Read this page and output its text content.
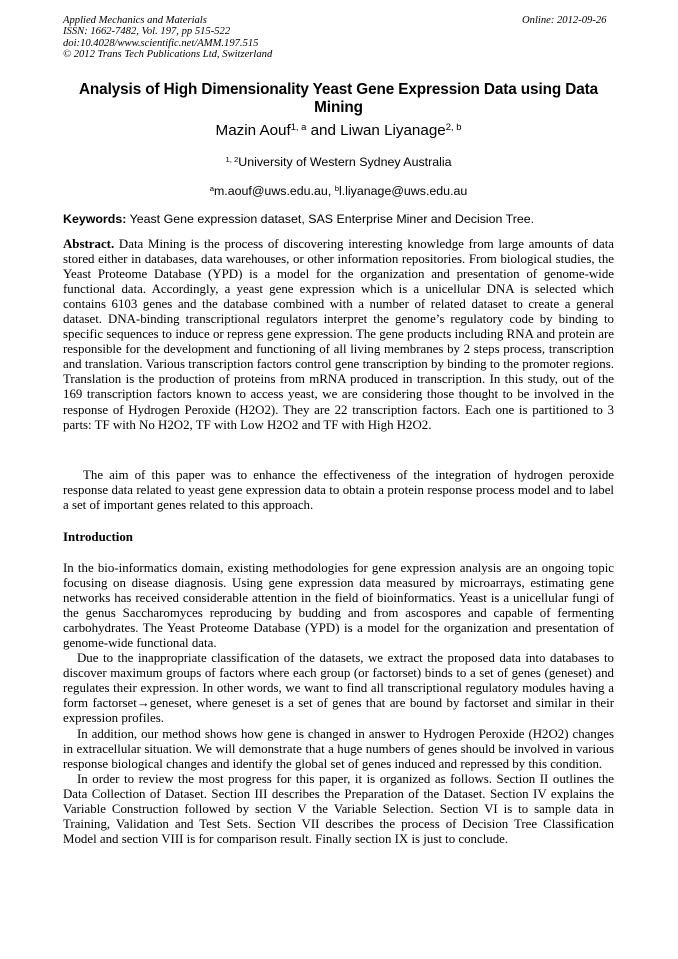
Applied Mechanics and Materials
ISSN: 1662-7482, Vol. 197, pp 515-522
doi:10.4028/www.scientific.net/AMM.197.515
© 2012 Trans Tech Publications Ltd, Switzerland
Online: 2012-09-26
Analysis of High Dimensionality Yeast Gene Expression Data using Data Mining
Mazin Aouf$^{1, a}$ and Liwan Liyanage$^{2, b}$
$^{1, 2}$University of Western Sydney Australia
$^a$m.aouf@uws.edu.au, $^b$l.liyanage@uws.edu.au
Keywords: Yeast Gene expression dataset, SAS Enterprise Miner and Decision Tree.

Abstract. Data Mining is the process of discovering interesting knowledge from large amounts of data stored either in databases, data warehouses, or other information repositories. From biological studies, the Yeast Proteome Database (YPD) is a model for the organization and presentation of genome-wide functional data. Accordingly, a yeast gene expression which is a unicellular DNA is selected which contains 6103 genes and the database combined with a number of related dataset to create a general dataset. DNA-binding transcriptional regulators interpret the genome’s regulatory code by binding to specific sequences to induce or repress gene expression. The gene products including RNA and protein are responsible for the development and functioning of all living membranes by 2 steps process, transcription and translation. Various transcription factors control gene transcription by binding to the promoter regions. Translation is the production of proteins from mRNA produced in transcription. In this study, out of the 169 transcription factors known to access yeast, we are considering those thought to be involved in the response of Hydrogen Peroxide (H2O2). They are 22 transcription factors. Each one is partitioned to 3 parts: TF with No H2O2, TF with Low H2O2 and TF with High H2O2.

The aim of this paper was to enhance the effectiveness of the integration of hydrogen peroxide response data related to yeast gene expression data to obtain a protein response process model and to label a set of important genes related to this approach.

Introduction

In the bio-informatics domain, existing methodologies for gene expression analysis are an ongoing topic focusing on disease diagnosis. Using gene expression data measured by microarrays, estimating gene networks has received considerable attention in the field of bioinformatics. Yeast is a unicellular fungi of the genus Saccharomyces reproducing by budding and from ascospores and capable of fermenting carbohydrates. The Yeast Proteome Database (YPD) is a model for the organization and presentation of genome-wide functional data.

Due to the inappropriate classification of the datasets, we extract the proposed data into databases to discover maximum groups of factors where each group (or factorset) binds to a set of genes (geneset) and regulates their expression. In other words, we want to find all transcriptional regulatory modules having a form factorset→geneset, where geneset is a set of genes that are bound by factorset and similar in their expression profiles.

In addition, our method shows how gene is changed in answer to Hydrogen Peroxide (H2O2) changes in extracellular situation. We will demonstrate that a huge numbers of genes should be involved in various response biological changes and identify the global set of genes induced and repressed by this condition.

In order to review the most progress for this paper, it is organized as follows. Section II outlines the Data Collection of Dataset. Section III describes the Preparation of the Dataset. Section IV explains the Variable Construction followed by section V the Variable Selection. Section VI is to sample data in Training, Validation and Test Sets. Section VII describes the process of Decision Tree Classification Model and section VIII is for comparison result. Finally section IX is just to conclude.
